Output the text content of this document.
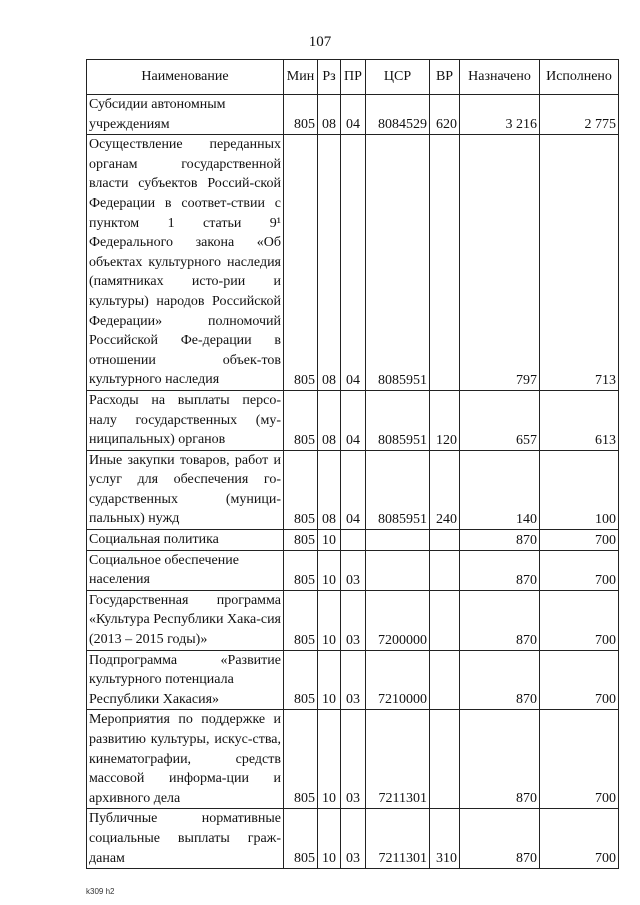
107
Наименование	Мин	Рз	ПР	ЦСР	ВР	Назначено	Исполнено
Субсидии автономным
учреждениям	805	08	04	8084529	620	3 216	2 775
Осуществление переданных органам государственной власти субъектов Россий-ской Федерации в соответ-ствии с пунктом 1 статьи 9¹ Федерального закона «Об объектах культурного наследия (памятниках исто-рии и культуры) народов Российской Федерации» полномочий Российской Фе-дерации в отношении объек-тов культурного наследия	805	08	04	8085951		797	713
Расходы на выплаты персо-налу государственных (му-ниципальных) органов	805	08	04	8085951	120	657	613
Иные закупки товаров, работ и услуг для обеспечения го-сударственных (муници-пальных) нужд	805	08	04	8085951	240	140	100
Социальная политика	805	10				870	700
Социальное обеспечение
населения	805	10	03			870	700
Государственная программа «Культура Республики Хака-сия (2013 – 2015 годы)»	805	10	03	7200000		870	700
Подпрограмма «Развитие культурного потенциала
Республики Хакасия»	805	10	03	7210000		870	700
Мероприятия по поддержке и развитию культуры, искус-ства, кинематографии, средств массовой информа-ции и архивного дела	805	10	03	7211301		870	700
Публичные нормативные социальные выплаты граж-данам	805	10	03	7211301	310	870	700
k309 h2
